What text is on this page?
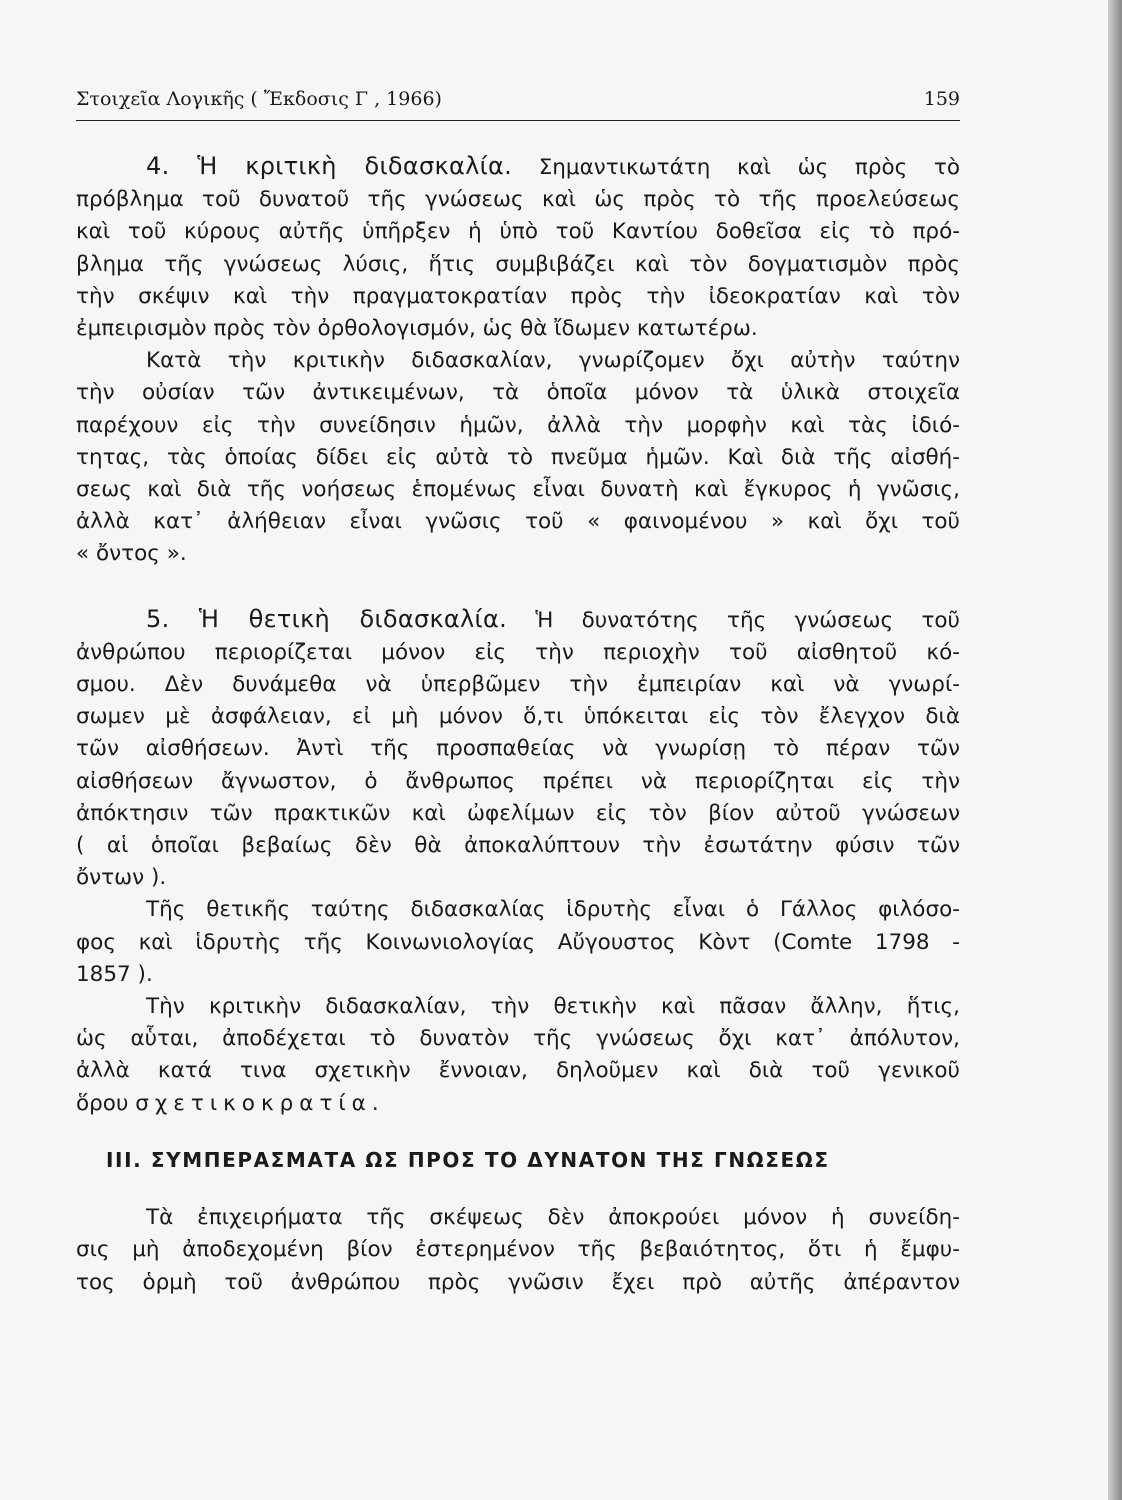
Στοιχεῖα Λογικῆς ( Ἔκδοσις Γ , 1966)	159
4. Ἡ κριτικὴ διδασκαλία. Σημαντικωτάτη καὶ ὡς πρὸς τὸ
πρόβλημα τοῦ δυνατοῦ τῆς γνώσεως καὶ ὡς πρὸς τὸ τῆς προελεύσεως
καὶ τοῦ κύρους αὐτῆς ὑπῆρξεν ἡ ὑπὸ τοῦ Καντίου δοθεῖσα εἰς τὸ πρό-
βλημα τῆς γνώσεως λύσις, ἥτις συμβιβάζει καὶ τὸν δογματισμὸν πρὸς
τὴν σκέψιν καὶ τὴν πραγματοκρατίαν πρὸς τὴν ἰδεοκρατίαν καὶ τὸν
ἐμπειρισμὸν πρὸς τὸν ὀρθολογισμόν, ὡς θὰ ἴδωμεν κατωτέρω.
Κατὰ τὴν κριτικὴν διδασκαλίαν, γνωρίζομεν ὄχι αὐτὴν ταύτην
τὴν οὐσίαν τῶν ἀντικειμένων, τὰ ὁποῖα μόνον τὰ ὑλικὰ στοιχεῖα
παρέχουν εἰς τὴν συνείδησιν ἡμῶν, ἀλλὰ τὴν μορφὴν καὶ τὰς ἰδιό-
τητας, τὰς ὁποίας δίδει εἰς αὐτὰ τὸ πνεῦμα ἡμῶν. Καὶ διὰ τῆς αἰσθή-
σεως καὶ διὰ τῆς νοήσεως ἑπομένως εἶναι δυνατὴ καὶ ἔγκυρος ἡ γνῶσις,
ἀλλὰ κατ᾿ ἀλήθειαν εἶναι γνῶσις τοῦ « φαινομένου » καὶ ὄχι τοῦ
« ὄντος ».
5. Ἡ θετικὴ διδασκαλία. Ἡ δυνατότης τῆς γνώσεως τοῦ
ἀνθρώπου περιορίζεται μόνον εἰς τὴν περιοχὴν τοῦ αἰσθητοῦ κό-
σμου. Δὲν δυνάμεθα νὰ ὑπερβῶμεν τὴν ἐμπειρίαν καὶ νὰ γνωρί-
σωμεν μὲ ἀσφάλειαν, εἰ μὴ μόνον ὅ,τι ὑπόκειται εἰς τὸν ἔλεγχον διὰ
τῶν αἰσθήσεων. Ἀντὶ τῆς προσπαθείας νὰ γνωρίσῃ τὸ πέραν τῶν
αἰσθήσεων ἄγνωστον, ὁ ἄνθρωπος πρέπει νὰ περιορίζηται εἰς τὴν
ἀπόκτησιν τῶν πρακτικῶν καὶ ὠφελίμων εἰς τὸν βίον αὐτοῦ γνώσεων
( αἱ ὁποῖαι βεβαίως δὲν θὰ ἀποκαλύπτουν τὴν ἐσωτάτην φύσιν τῶν
ὄντων ).
Τῆς θετικῆς ταύτης διδασκαλίας ἱδρυτὴς εἶναι ὁ Γάλλος φιλόσο-
φος καὶ ἱδρυτὴς τῆς Κοινωνιολογίας Αὔγουστος Κὸντ (Comte 1798 -
1857 ).
Τὴν κριτικὴν διδασκαλίαν, τὴν θετικὴν καὶ πᾶσαν ἄλλην, ἥτις,
ὡς αὗται, ἀποδέχεται τὸ δυνατὸν τῆς γνώσεως ὄχι κατ᾿ ἀπόλυτον,
ἀλλὰ κατά τινα σχετικὴν ἔννοιαν, δηλοῦμεν καὶ διὰ τοῦ γενικοῦ
ὅρου σχετικοκρατία.
ΙΙΙ. ΣΥΜΠΕΡΑΣΜΑΤΑ ΩΣ ΠΡΟΣ ΤΟ ΔΥΝΑΤΟΝ ΤΗΣ ΓΝΩΣΕΩΣ
Τὰ ἐπιχειρήματα τῆς σκέψεως δὲν ἀποκρούει μόνον ἡ συνείδη-
σις μὴ ἀποδεχομένη βίον ἐστερημένον τῆς βεβαιότητος, ὅτι ἡ ἔμφυ-
τος ὁρμὴ τοῦ ἀνθρώπου πρὸς γνῶσιν ἔχει πρὸ αὐτῆς ἀπέραντον
